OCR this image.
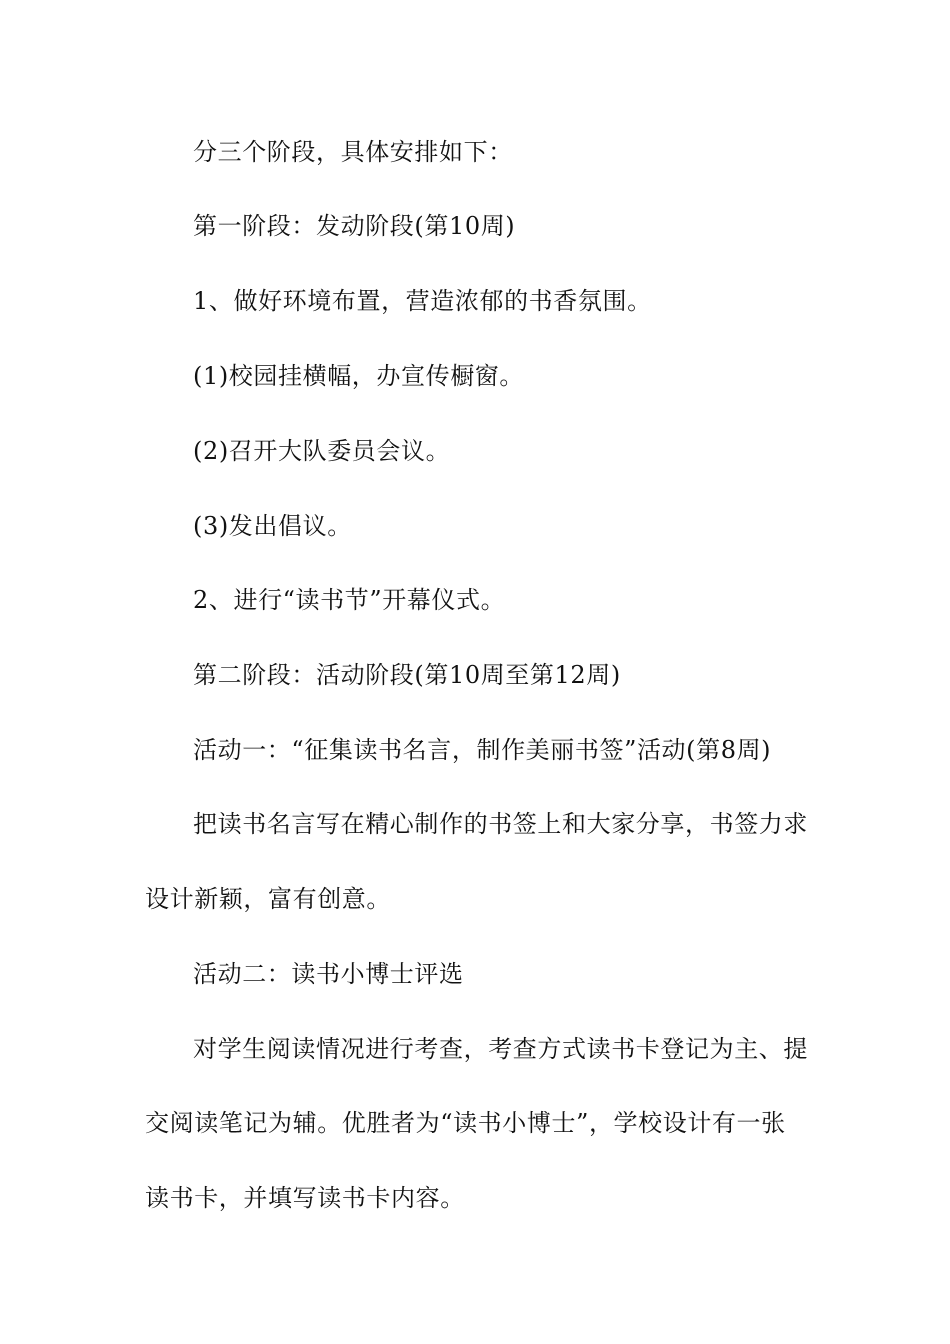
分三个阶段，具体安排如下：
第一阶段：发动阶段(第10周)
1、做好环境布置，营造浓郁的书香氛围。
(1)校园挂横幅，办宣传橱窗。
(2)召开大队委员会议。
(3)发出倡议。
2、进行“读书节”开幕仪式。
第二阶段：活动阶段(第10周至第12周)
活动一：“征集读书名言，制作美丽书签”活动(第8周)
把读书名言写在精心制作的书签上和大家分享，书签力求
设计新颖，富有创意。
活动二：读书小博士评选
对学生阅读情况进行考查，考查方式读书卡登记为主、提
交阅读笔记为辅。优胜者为“读书小博士”，学校设计有一张
读书卡，并填写读书卡内容。
